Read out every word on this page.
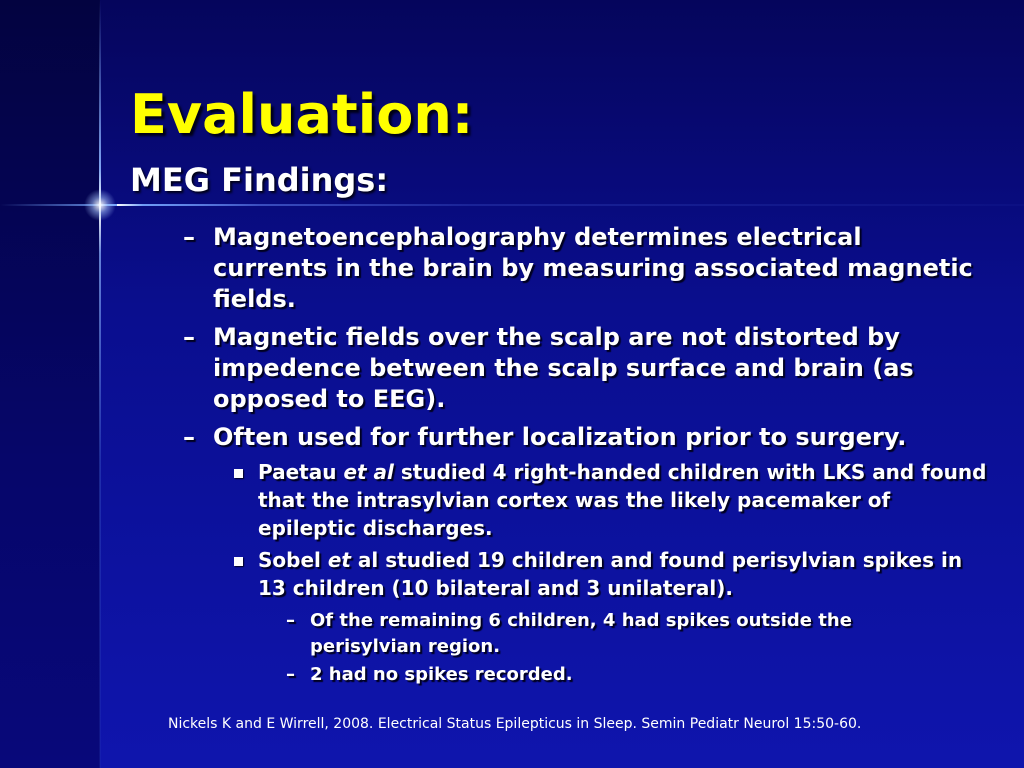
Evaluation:
MEG Findings:
– Magnetoencephalography determines electrical currents in the brain by measuring associated magnetic fields.
– Magnetic fields over the scalp are not distorted by impedence between the scalp surface and brain (as opposed to EEG).
– Often used for further localization prior to surgery.
Paetau et al studied 4 right-handed children with LKS and found that the intrasylvian cortex was the likely pacemaker of epileptic discharges.
Sobel et al studied 19 children and found perisylvian spikes in 13 children (10 bilateral and 3 unilateral).
– Of the remaining 6 children, 4 had spikes outside the perisylvian region.
– 2 had no spikes recorded.
Nickels K and E Wirrell, 2008. Electrical Status Epilepticus in Sleep. Semin Pediatr Neurol 15:50-60.
